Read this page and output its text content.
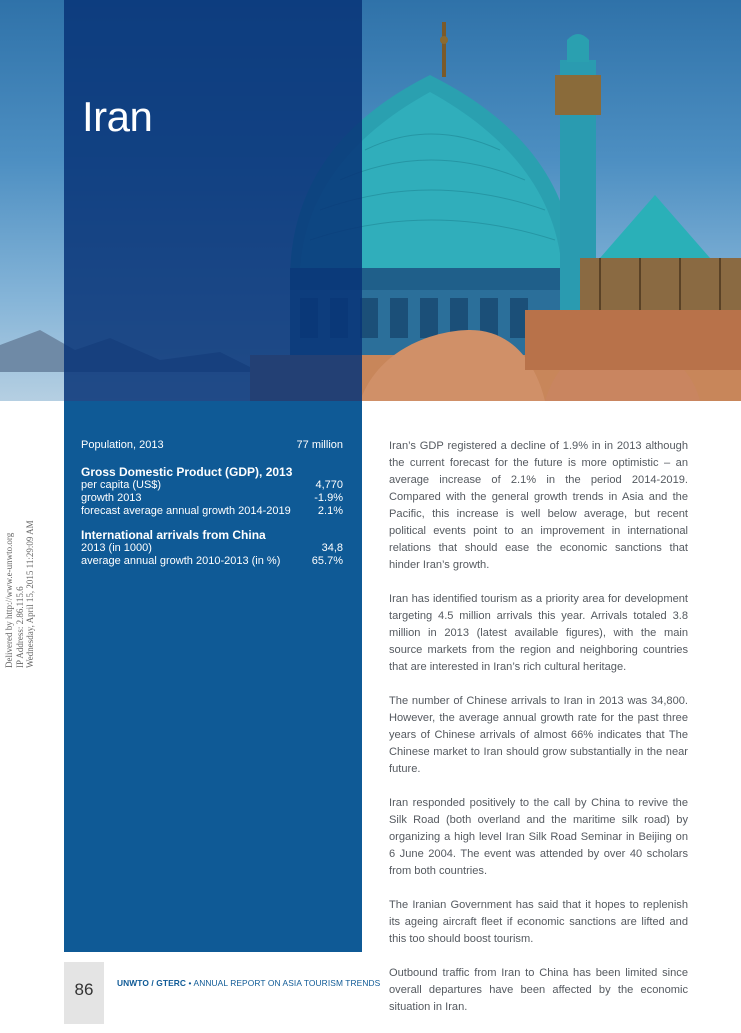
Iran
Population, 2013	77 million
Gross Domestic Product (GDP), 2013
per capita (US$)	4,770
growth 2013	-1.9%
forecast average annual growth 2014-2019 2.1%
International arrivals from China
2013 (in 1000)	34,8
average annual growth 2010-2013 (in %)	65.7%

Iran’s GDP registered a decline of 1.9% in in 2013 although the current forecast for the future is more optimistic – an average increase of 2.1% in the period 2014-2019. Compared with the general growth trends in Asia and the Pacific, this increase is well below average, but recent political events point to an improvement in international relations that should ease the economic sanctions that hinder Iran’s growth.

Iran has identified tourism as a priority area for development targeting 4.5 million arrivals this year. Arrivals totaled 3.8 million in 2013 (latest available figures), with the main source markets from the region and neighboring countries that are interested in Iran’s rich cultural heritage.

The number of Chinese arrivals to Iran in 2013 was 34,800. However, the average annual growth rate for the past three years of Chinese arrivals of almost 66% indicates that The Chinese market to Iran should grow substantially in the near future.

Iran responded positively to the call by China to revive the Silk Road (both overland and the maritime silk road) by organizing a high level Iran Silk Road Seminar in Beijing on 6 June 2004. The event was attended by over 40 scholars from both countries.

The Iranian Government has said that it hopes to replenish its ageing aircraft fleet if economic sanctions are lifted and this too should boost tourism.

Outbound traffic from Iran to China has been limited since overall departures have been affected by the economic situation in Iran.

Delivered by http://www.e-unwto.org IP Address: 2.86.115.6 Wednesday, April 15, 2015 11:29:09 AM
86	UNWTO / GTERC • ANNUAL REPORT ON ASIA TOURISM TRENDS
